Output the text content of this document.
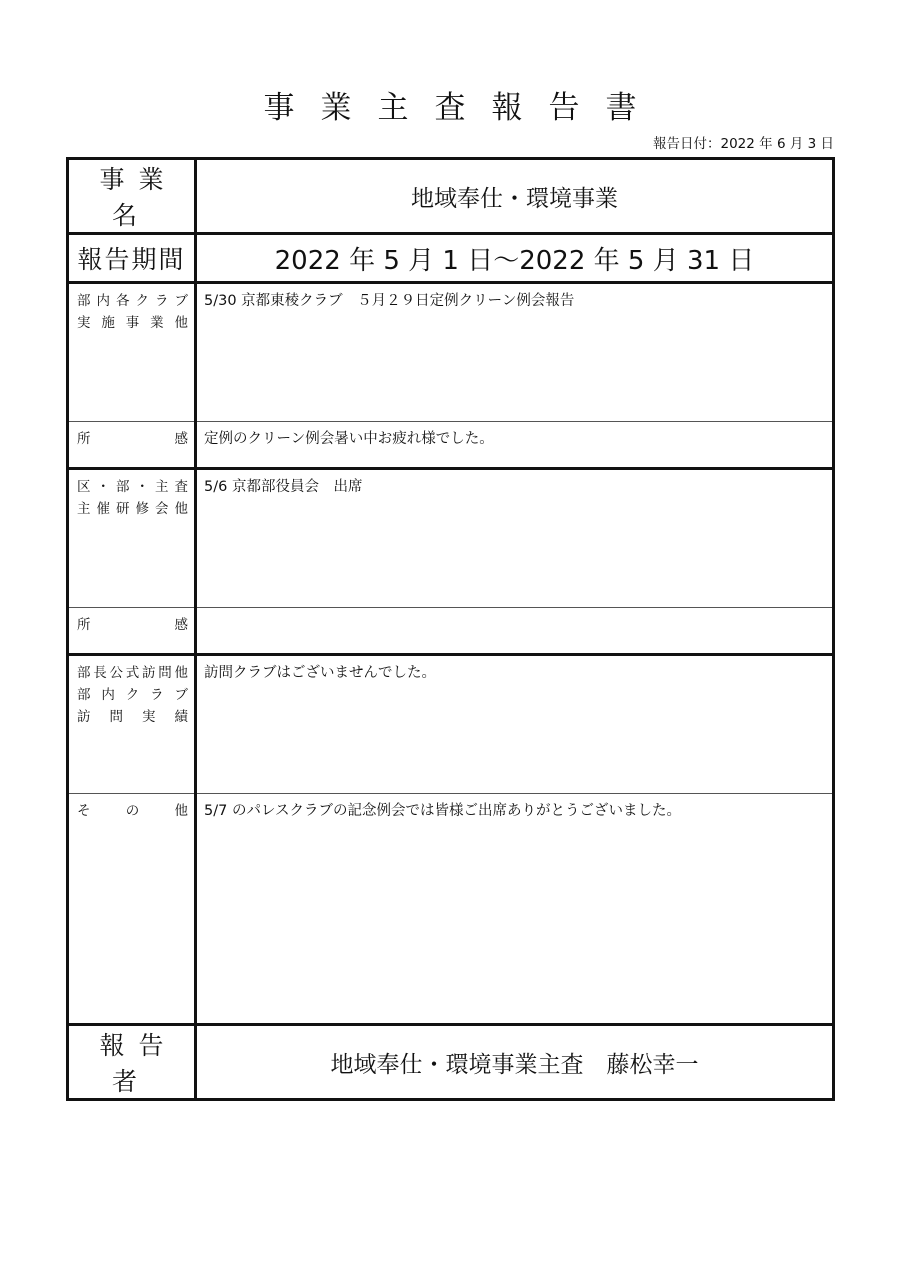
事業主査報告書
報告日付：2022 年 6 月 3 日
事業名	地域奉仕・環境事業

報告期間	2022 年 5 月 1 日〜2022 年 5 月 31 日

部内各クラブ
実施事業他	5/30 京都東稜クラブ　５月２９日定例クリーン例会報告

所　　感	定例のクリーン例会暑い中お疲れ様でした。

区・部・主査
主催研修会他	5/6 京都部役員会　出席

所　　感	

部長公式訪問他
部内クラブ
訪問実績	訪問クラブはございませんでした。

そ　の　他	5/7 のパレスクラブの記念例会では皆様ご出席ありがとうございました。

報告者	地域奉仕・環境事業主査　藤松幸一
